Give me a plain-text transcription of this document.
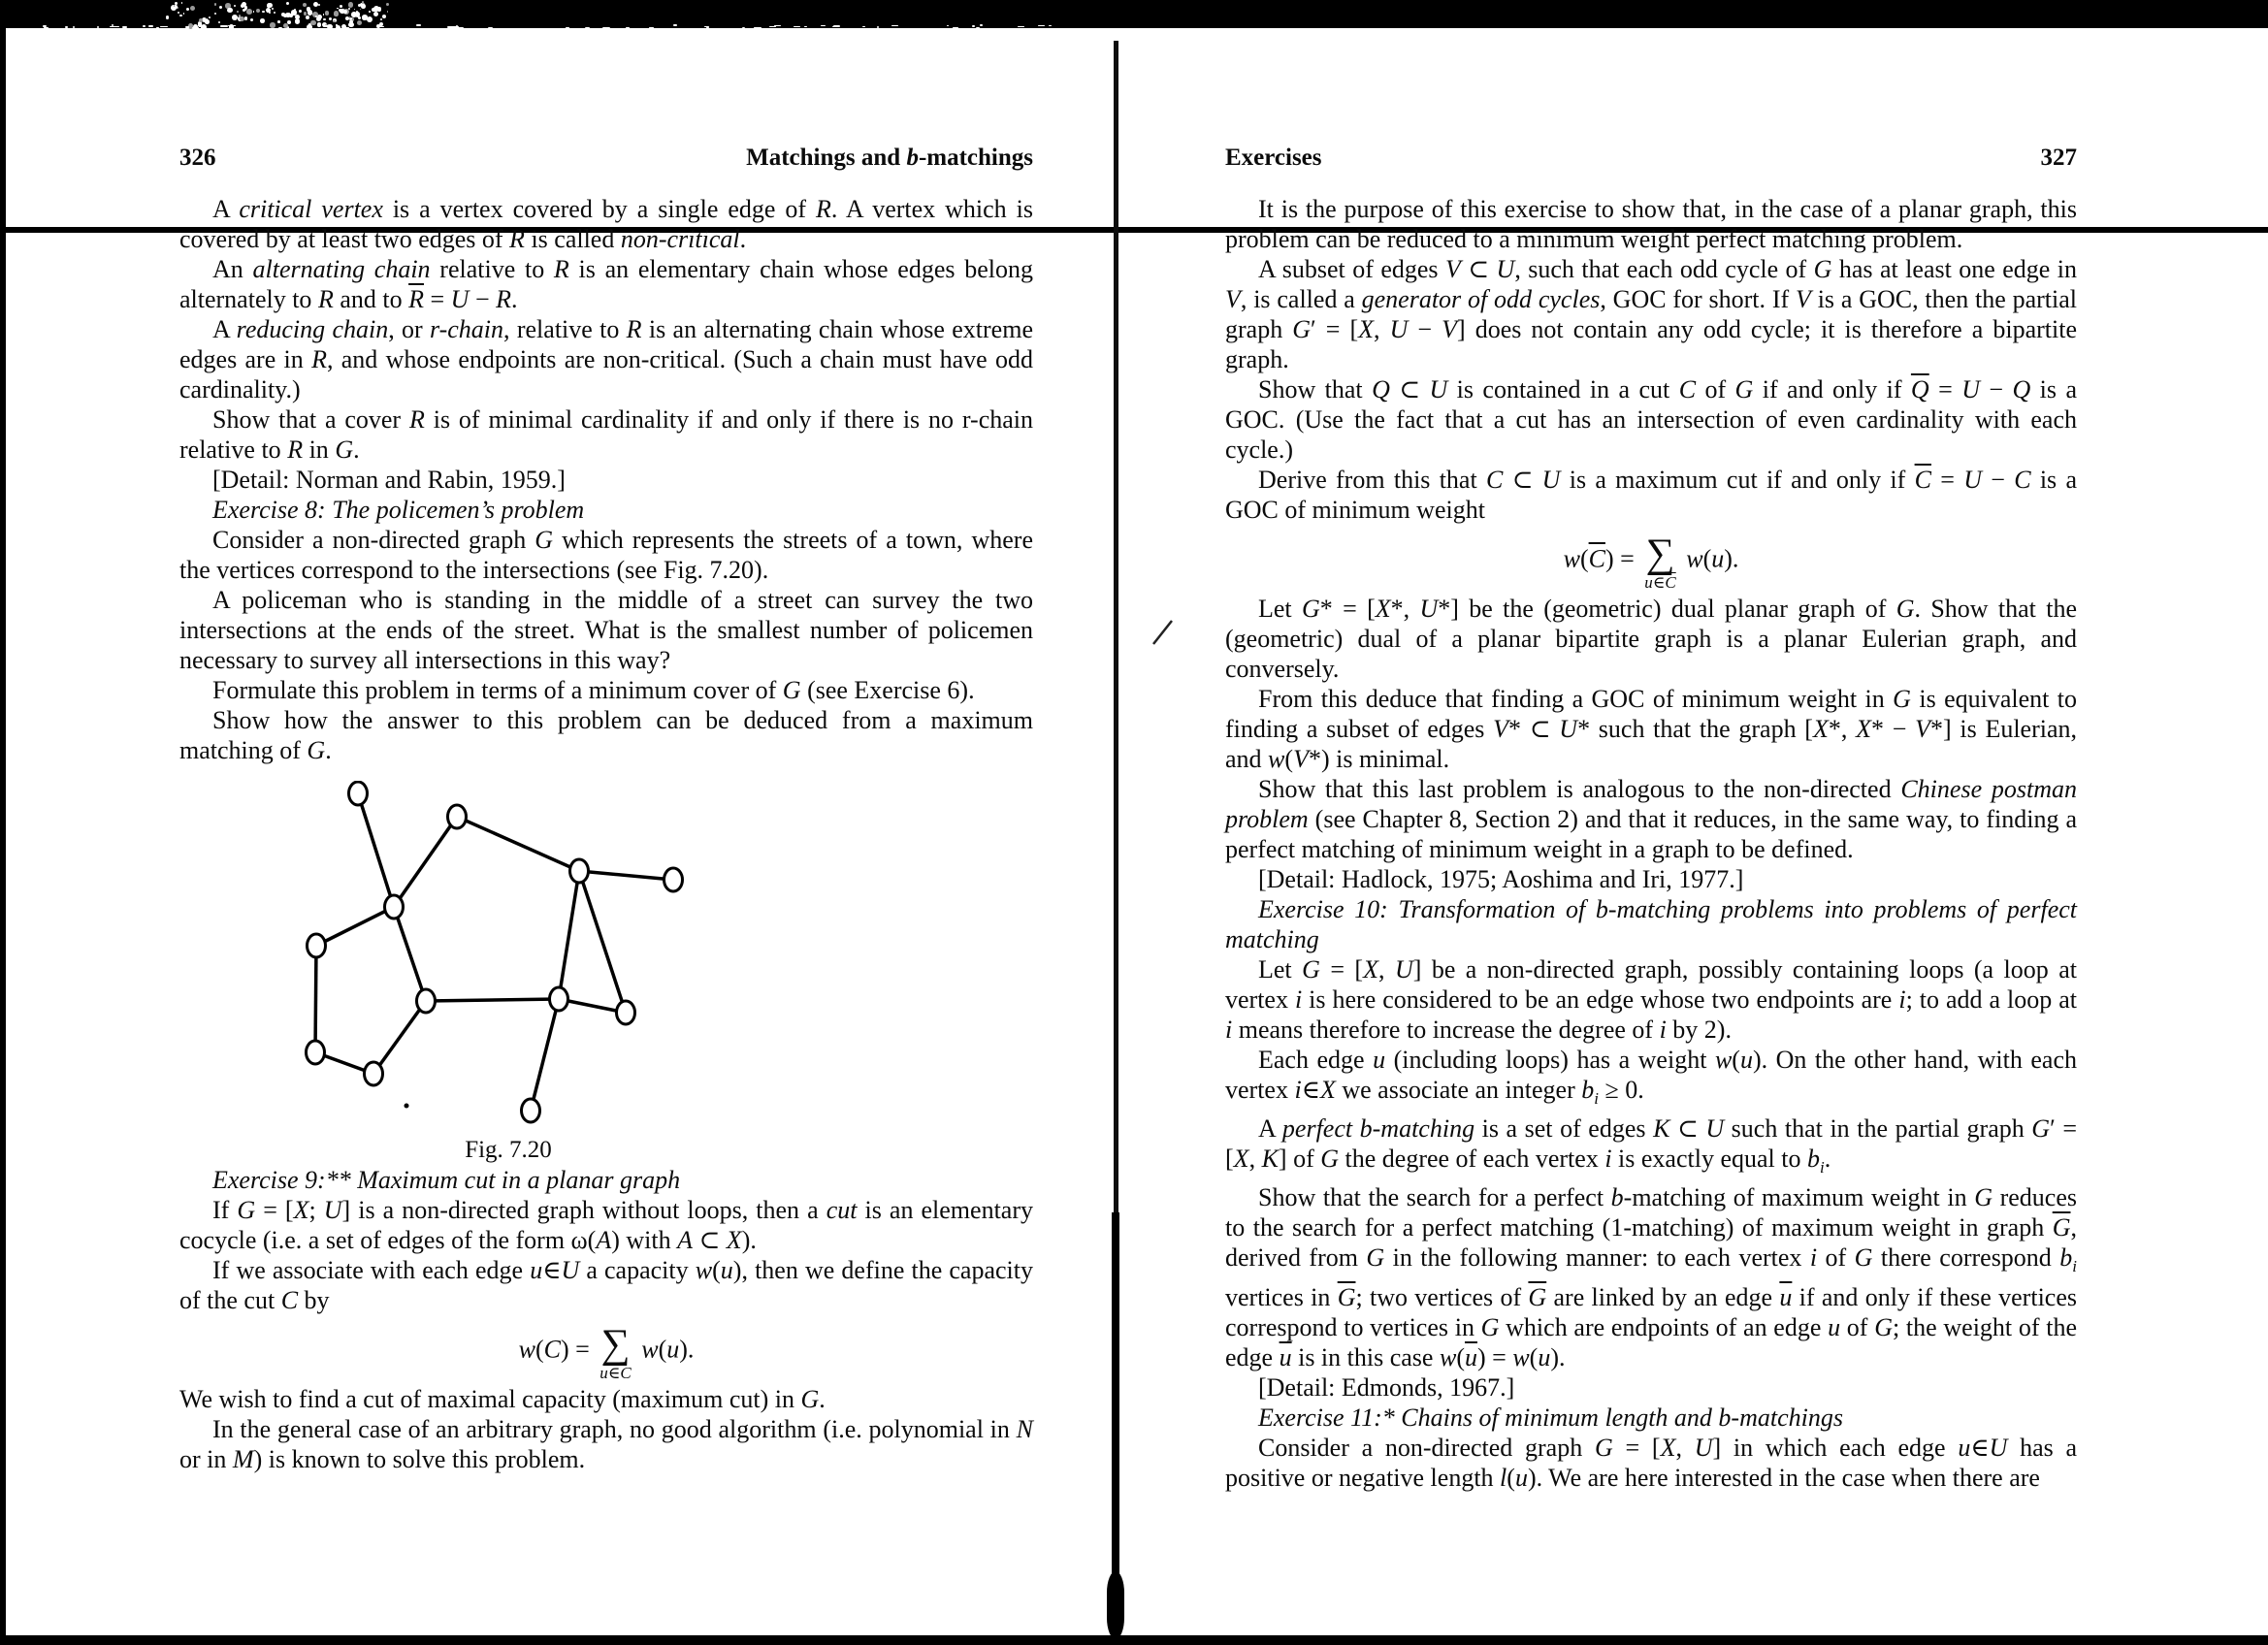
326	Matchings and b-matchings

A critical vertex is a vertex covered by a single edge of R. A vertex which is covered by at least two edges of R is called non-critical.

An alternating chain relative to R is an elementary chain whose edges belong alternately to R and to $\overline{R} = U - R$.

A reducing chain, or r-chain, relative to R is an alternating chain whose extreme edges are in R, and whose endpoints are non-critical. (Such a chain must have odd cardinality.)

Show that a cover R is of minimal cardinality if and only if there is no r-chain relative to R in G.

[Detail: Norman and Rabin, 1959.]

Exercise 8: The policemen’s problem

Consider a non-directed graph G which represents the streets of a town, where the vertices correspond to the intersections (see Fig. 7.20).

A policeman who is standing in the middle of a street can survey the two intersections at the ends of the street. What is the smallest number of policemen necessary to survey all intersections in this way?

Formulate this problem in terms of a minimum cover of G (see Exercise 6).

Show how the answer to this problem can be deduced from a maximum matching of G.

Fig. 7.20

Exercise 9:** Maximum cut in a planar graph

If G = [X; U] is a non-directed graph without loops, then a cut is an elementary cocycle (i.e. a set of edges of the form ω(A) with A ⊂ X).

If we associate with each edge u∈U a capacity w(u), then we define the capacity of the cut C by

w(C) = ∑
u∈C
w(u).

We wish to find a cut of maximal capacity (maximum cut) in G.

In the general case of an arbitrary graph, no good algorithm (i.e. polynomial in N or in M) is known to solve this problem.

Exercises	327

It is the purpose of this exercise to show that, in the case of a planar graph, this problem can be reduced to a minimum weight perfect matching problem.

A subset of edges V ⊂ U, such that each odd cycle of G has at least one edge in V, is called a generator of odd cycles, GOC for short. If V is a GOC, then the partial graph G′ = [X, U − V] does not contain any odd cycle; it is therefore a bipartite graph.

Show that Q ⊂ U is contained in a cut C of G if and only if $\overline{Q} = U - Q$ is a GOC. (Use the fact that a cut has an intersection of even cardinality with each cycle.)

Derive from this that C ⊂ U is a maximum cut if and only if $\overline{C} = U - C$ is a GOC of minimum weight

$w(\overline{C})$ = ∑
$u\in\overline{C}$
w(u).

Let G* = [X*, U*] be the (geometric) dual planar graph of G. Show that the (geometric) dual of a planar bipartite graph is a planar Eulerian graph, and conversely.

From this deduce that finding a GOC of minimum weight in G is equivalent to finding a subset of edges V* ⊂ U* such that the graph [X*, X* − V*] is Eulerian, and w(V*) is minimal.

Show that this last problem is analogous to the non-directed Chinese postman problem (see Chapter 8, Section 2) and that it reduces, in the same way, to finding a perfect matching of minimum weight in a graph to be defined.

[Detail: Hadlock, 1975; Aoshima and Iri, 1977.]

Exercise 10: Transformation of b-matching problems into problems of perfect matching

Let G = [X, U] be a non-directed graph, possibly containing loops (a loop at vertex i is here considered to be an edge whose two endpoints are i; to add a loop at i means therefore to increase the degree of i by 2).

Each edge u (including loops) has a weight w(u). On the other hand, with each vertex i∈X we associate an integer $b_i \ge 0$.

A perfect b-matching is a set of edges K ⊂ U such that in the partial graph G′ = [X, K] of G the degree of each vertex i is exactly equal to $b_i$.

Show that the search for a perfect b-matching of maximum weight in G reduces to the search for a perfect matching (1-matching) of maximum weight in graph $\overline{G}$, derived from G in the following manner: to each vertex i of G there correspond $b_i$ vertices in $\overline{G}$; two vertices of $\overline{G}$ are linked by an edge $\overline{u}$ if and only if these vertices correspond to vertices in G which are endpoints of an edge u of G; the weight of the edge $\overline{u}$ is in this case $w(\overline{u}) = w(u)$.

[Detail: Edmonds, 1967.]

Exercise 11:* Chains of minimum length and b-matchings

Consider a non-directed graph G = [X, U] in which each edge u∈U has a positive or negative length l(u). We are here interested in the case when there are
